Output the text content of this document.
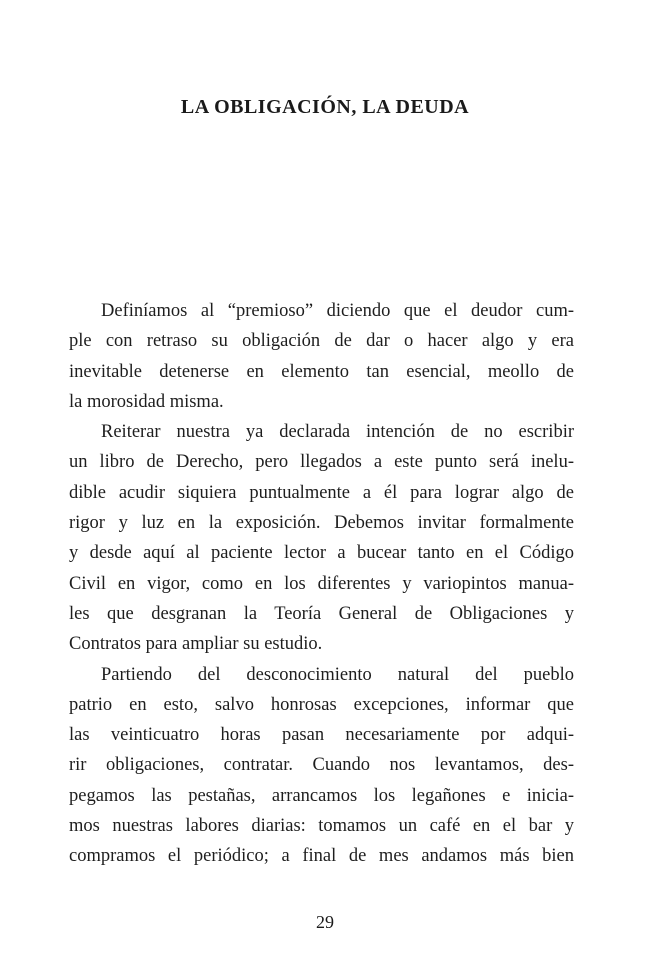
LA OBLIGACIÓN, LA DEUDA
Definíamos al “premioso” diciendo que el deudor cum-
ple con retraso su obligación de dar o hacer algo y era
inevitable detenerse en elemento tan esencial, meollo de
la morosidad misma.
Reiterar nuestra ya declarada intención de no escribir
un libro de Derecho, pero llegados a este punto será inelu-
dible acudir siquiera puntualmente a él para lograr algo de
rigor y luz en la exposición. Debemos invitar formalmente
y desde aquí al paciente lector a bucear tanto en el Código
Civil en vigor, como en los diferentes y variopintos manua-
les que desgranan la Teoría General de Obligaciones y
Contratos para ampliar su estudio.
Partiendo del desconocimiento natural del pueblo
patrio en esto, salvo honrosas excepciones, informar que
las veinticuatro horas pasan necesariamente por adqui-
rir obligaciones, contratar. Cuando nos levantamos, des-
pegamos las pestañas, arrancamos los legañones e inicia-
mos nuestras labores diarias: tomamos un café en el bar y
compramos el periódico; a final de mes andamos más bien
29
